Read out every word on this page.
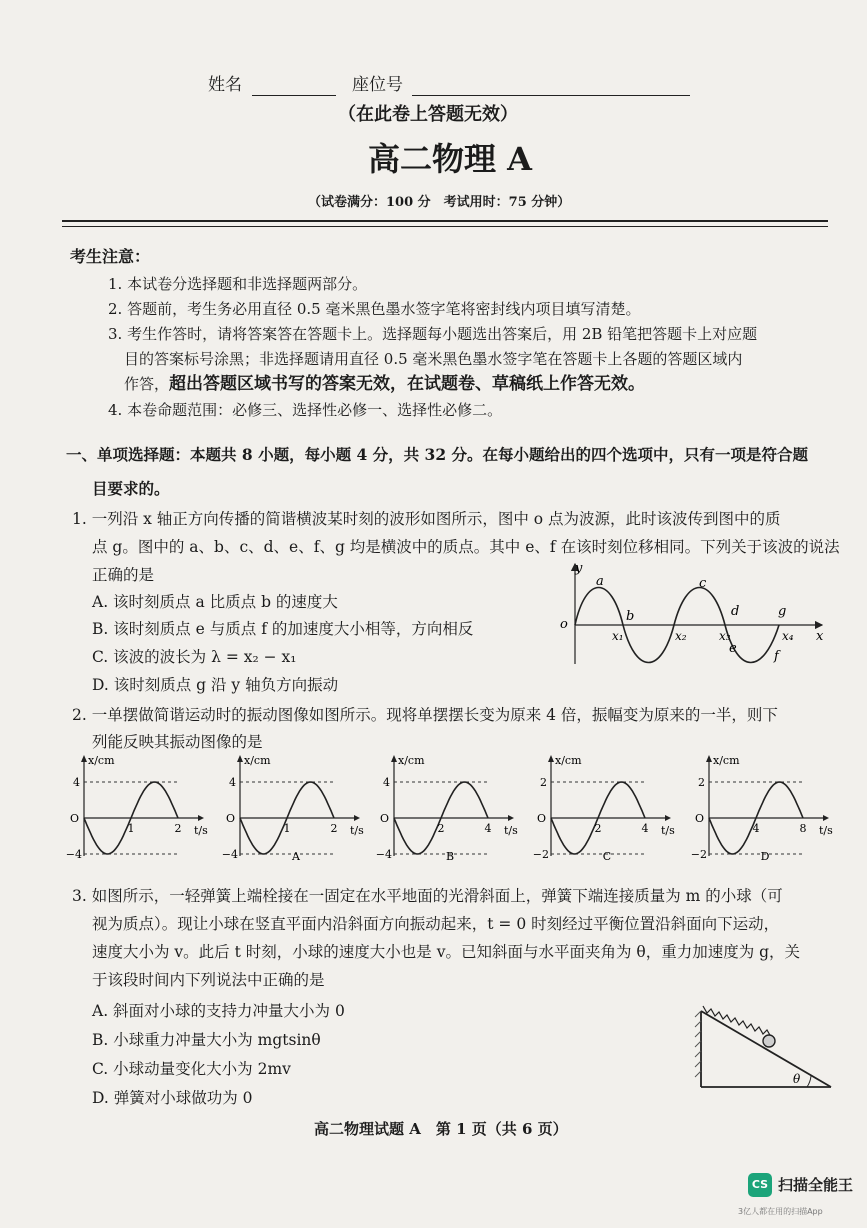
姓名	座位号
（在此卷上答题无效）
高二物理 A
（试卷满分：100 分　考试用时：75 分钟）
考生注意：
1. 本试卷分选择题和非选择题两部分。
2. 答题前，考生务必用直径 0.5 毫米黑色墨水签字笔将密封线内项目填写清楚。
3. 考生作答时，请将答案答在答题卡上。选择题每小题选出答案后，用 2B 铅笔把答题卡上对应题
目的答案标号涂黑；非选择题请用直径 0.5 毫米黑色墨水签字笔在答题卡上各题的答题区域内
作答，超出答题区域书写的答案无效，在试题卷、草稿纸上作答无效。
4. 本卷命题范围：必修三、选择性必修一、选择性必修二。
一、单项选择题：本题共 8 小题，每小题 4 分，共 32 分。在每小题给出的四个选项中，只有一项是符合题
目要求的。
1. 一列沿 x 轴正方向传播的简谐横波某时刻的波形如图所示，图中 o 点为波源，此时该波传到图中的质
点 g。图中的 a、b、c、d、e、f、g 均是横波中的质点。其中 e、f 在该时刻位移相同。下列关于该波的说法
正确的是
A. 该时刻质点 a 比质点 b 的速度大
B. 该时刻质点 e 与质点 f 的加速度大小相等，方向相反
C. 该波的波长为 λ = x₂ − x₁
D. 该时刻质点 g 沿 y 轴负方向振动
y
x
o
a
b
c
d
e
f
g
x₁	x₂	x₃	x₄
2. 一单摆做简谐运动时的振动图像如图所示。现将单摆摆长变为原来 4 倍，振幅变为原来的一半，则下
列能反映其振动图像的是
x/cm
4
−4
O
1	2 t/s
x/cm
4
−4
O
1	2 t/s
A
x/cm
4
−4
O
2	4 t/s
B
x/cm
2
−2
O
2	4 t/s
C
x/cm
2
−2
O
4	8 t/s
D
3. 如图所示，一轻弹簧上端栓接在一固定在水平地面的光滑斜面上，弹簧下端连接质量为 m 的小球（可
视为质点）。现让小球在竖直平面内沿斜面方向振动起来，t = 0 时刻经过平衡位置沿斜面向下运动，
速度大小为 v。此后 t 时刻，小球的速度大小也是 v。已知斜面与水平面夹角为 θ，重力加速度为 g，关
于该段时间内下列说法中正确的是
A. 斜面对小球的支持力冲量大小为 0
B. 小球重力冲量大小为 mgtsinθ
C. 小球动量变化大小为 2mv
D. 弹簧对小球做功为 0
θ
高二物理试题 A　第 1 页（共 6 页）
CS 扫描全能王
3亿人都在用的扫描App
